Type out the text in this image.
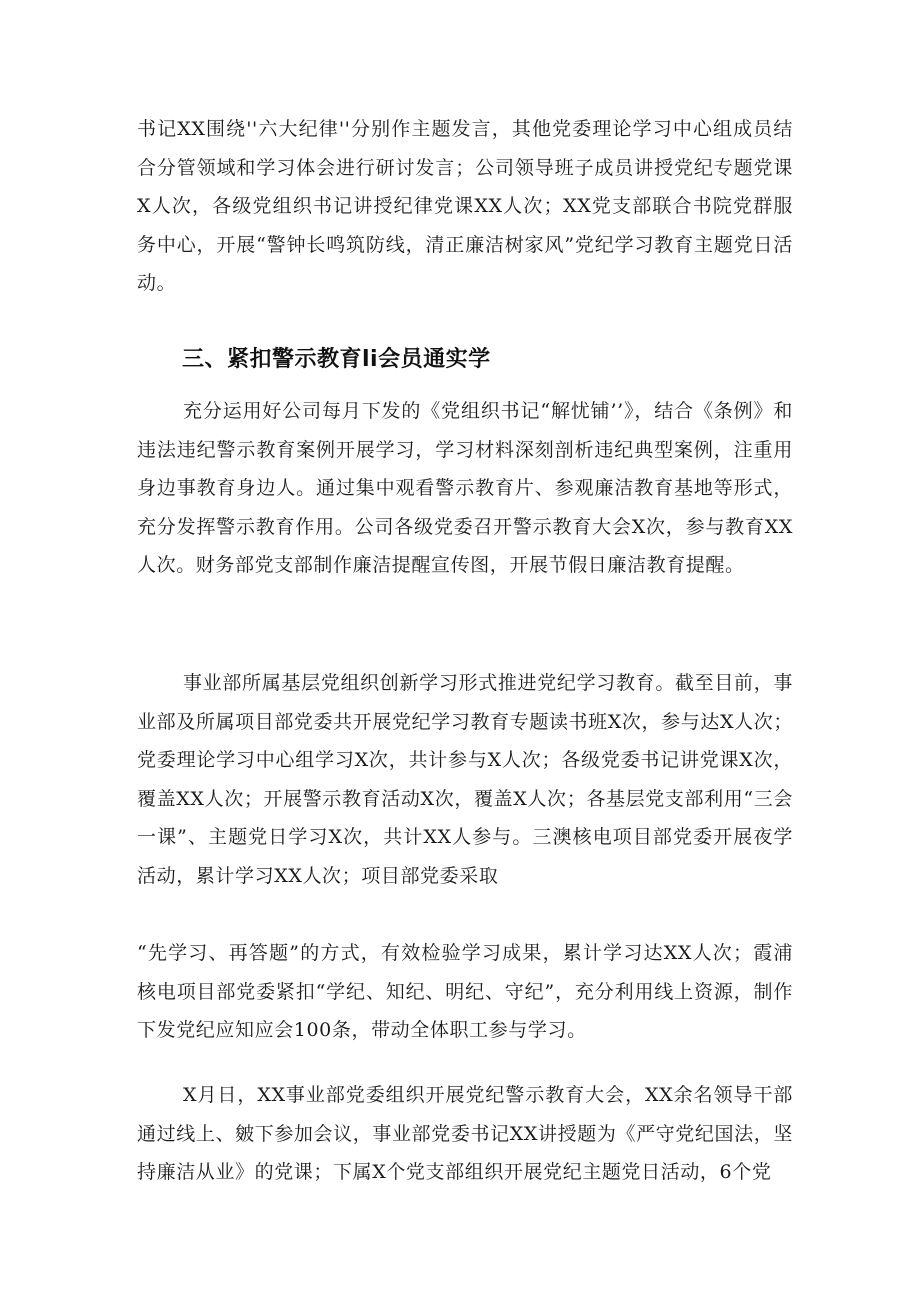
书记XX围绕''六大纪律''分别作主题发言，其他党委理论学习中心组成员结合分管领域和学习体会进行研讨发言；公司领导班子成员讲授党纪专题党课X人次，各级党组织书记讲授纪律党课XX人次；XX党支部联合书院党群服务中心，开展“警钟长鸣筑防线，清正廉洁树家风”党纪学习教育主题党日活动。

三、紧扣警示教育li会员通实学

充分运用好公司每月下发的《党组织书记“解忧铺’’》，结合《条例》和违法违纪警示教育案例开展学习，学习材料深刻剖析违纪典型案例，注重用身边事教育身边人。通过集中观看警示教育片、参观廉洁教育基地等形式，充分发挥警示教育作用。公司各级党委召开警示教育大会X次，参与教育XX人次。财务部党支部制作廉洁提醒宣传图，开展节假日廉洁教育提醒。

事业部所属基层党组织创新学习形式推进党纪学习教育。截至目前，事业部及所属项目部党委共开展党纪学习教育专题读书班X次，参与达X人次；党委理论学习中心组学习X次，共计参与X人次；各级党委书记讲党课X次，覆盖XX人次；开展警示教育活动X次，覆盖X人次；各基层党支部利用“三会一课”、主题党日学习X次，共计XX人参与。三澳核电项目部党委开展夜学活动，累计学习XX人次；项目部党委采取

“先学习、再答题”的方式，有效检验学习成果，累计学习达XX人次；霞浦核电项目部党委紧扣“学纪、知纪、明纪、守纪”，充分利用线上资源，制作下发党纪应知应会100条，带动全体职工参与学习。

X月日，XX事业部党委组织开展党纪警示教育大会，XX余名领导干部通过线上、皴下参加会议，事业部党委书记XX讲授题为《严守党纪国法，坚持廉洁从业》的党课；下属X个党支部组织开展党纪主题党日活动，6个党
